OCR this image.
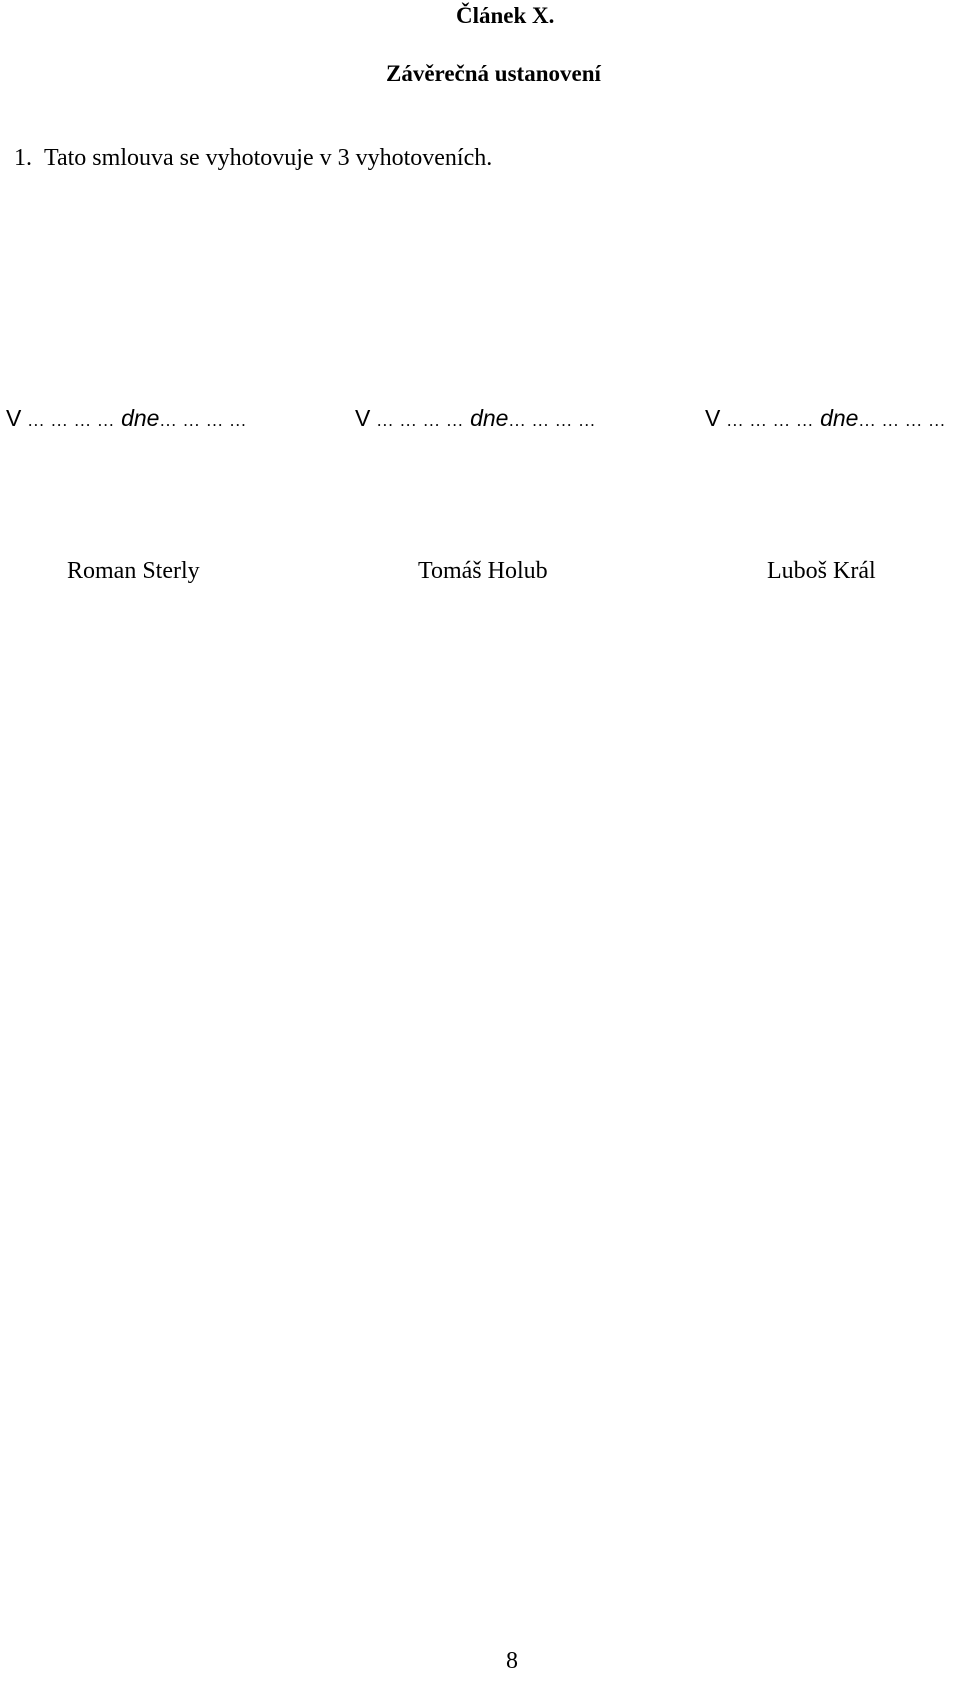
Článek X.
Závěrečná ustanovení
1. Tato smlouva se vyhotovuje v 3 vyhotoveních.
V … … … … dne… … … …	V … … … … dne… … … …	V … … … … dne… … … …
Roman Sterly	Tomáš Holub	Luboš Král
8
